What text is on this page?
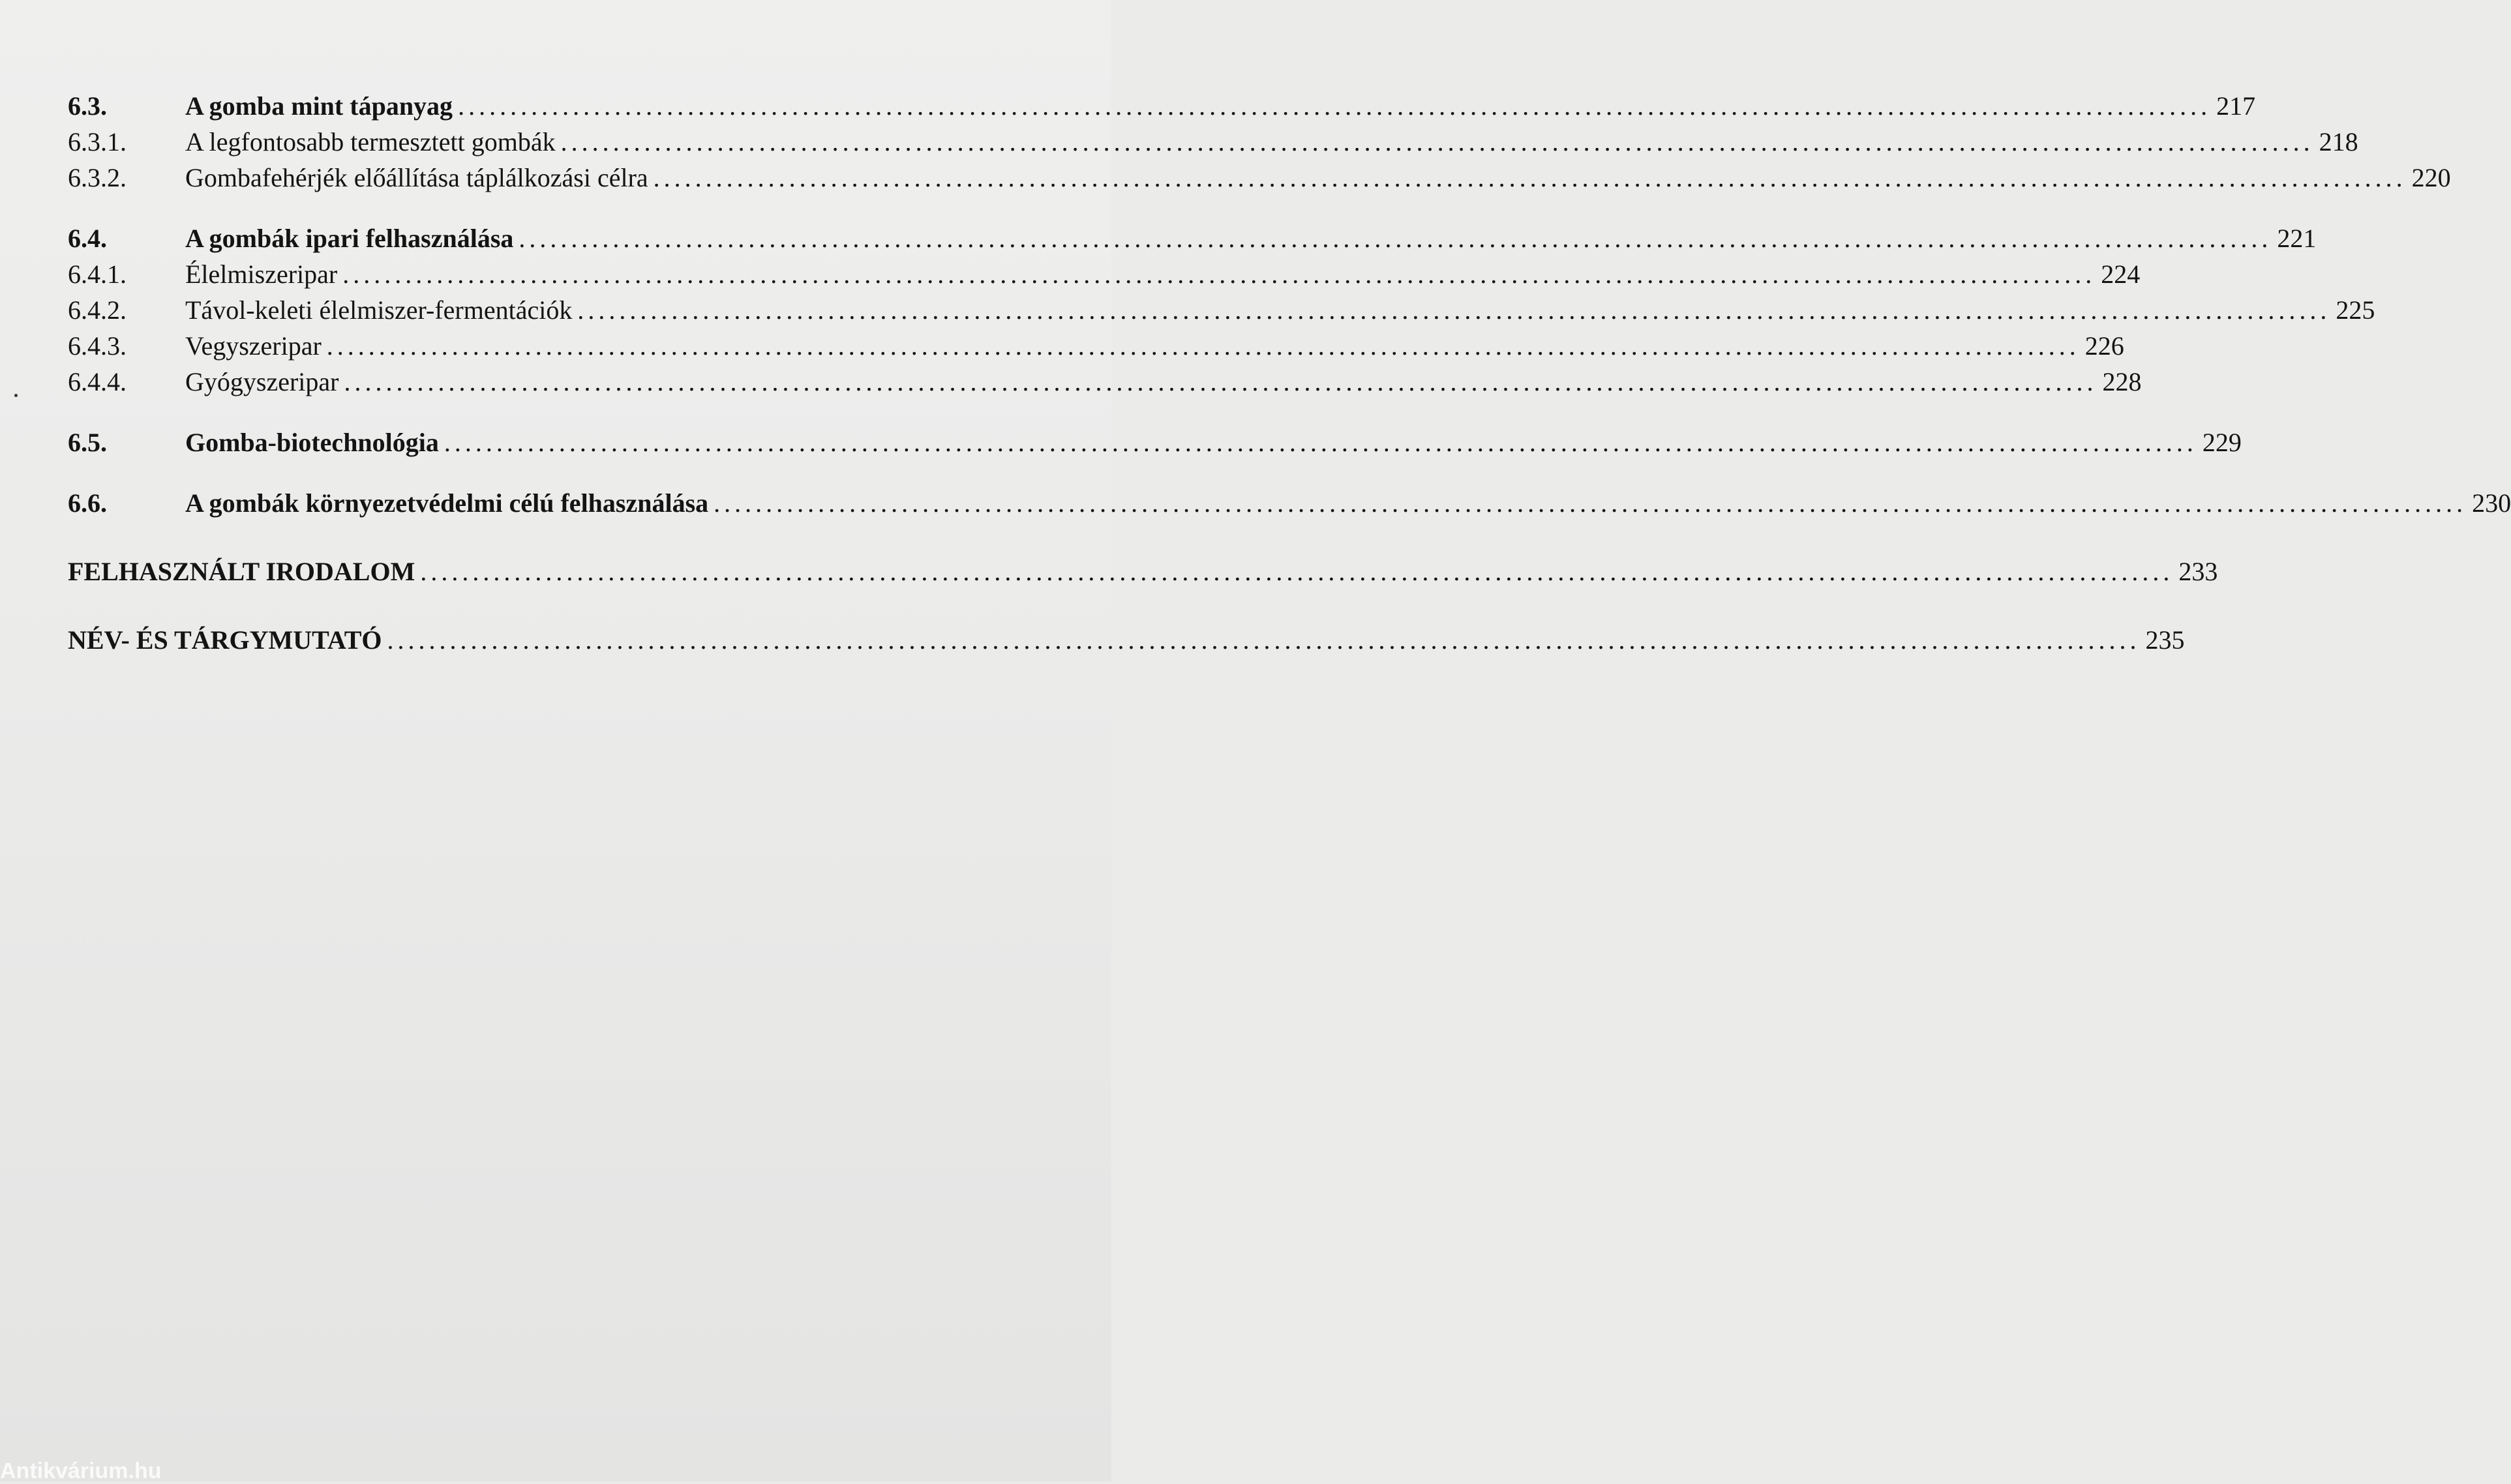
6.3.	A gomba mint tápanyag .....	217
6.3.1.	A legfontosabb termesztett gombák .....	218
6.3.2.	Gombafehérjék előállítása táplálkozási célra .....	220
6.4.	A gombák ipari felhasználása .....	221
6.4.1.	Élelmiszeripar .....	224
6.4.2.	Távol-keleti élelmiszer-fermentációk .....	225
6.4.3.	Vegyszeripar .....	226
6.4.4.	Gyógyszeripar .....	228
6.5.	Gomba-biotechnológia .....	229
6.6.	A gombák környezetvédelmi célú felhasználása .....	230
FELHASZNÁLT IRODALOM .....	233
NÉV- ÉS TÁRGYMUTATÓ .....	235
Antikvárium.hu
